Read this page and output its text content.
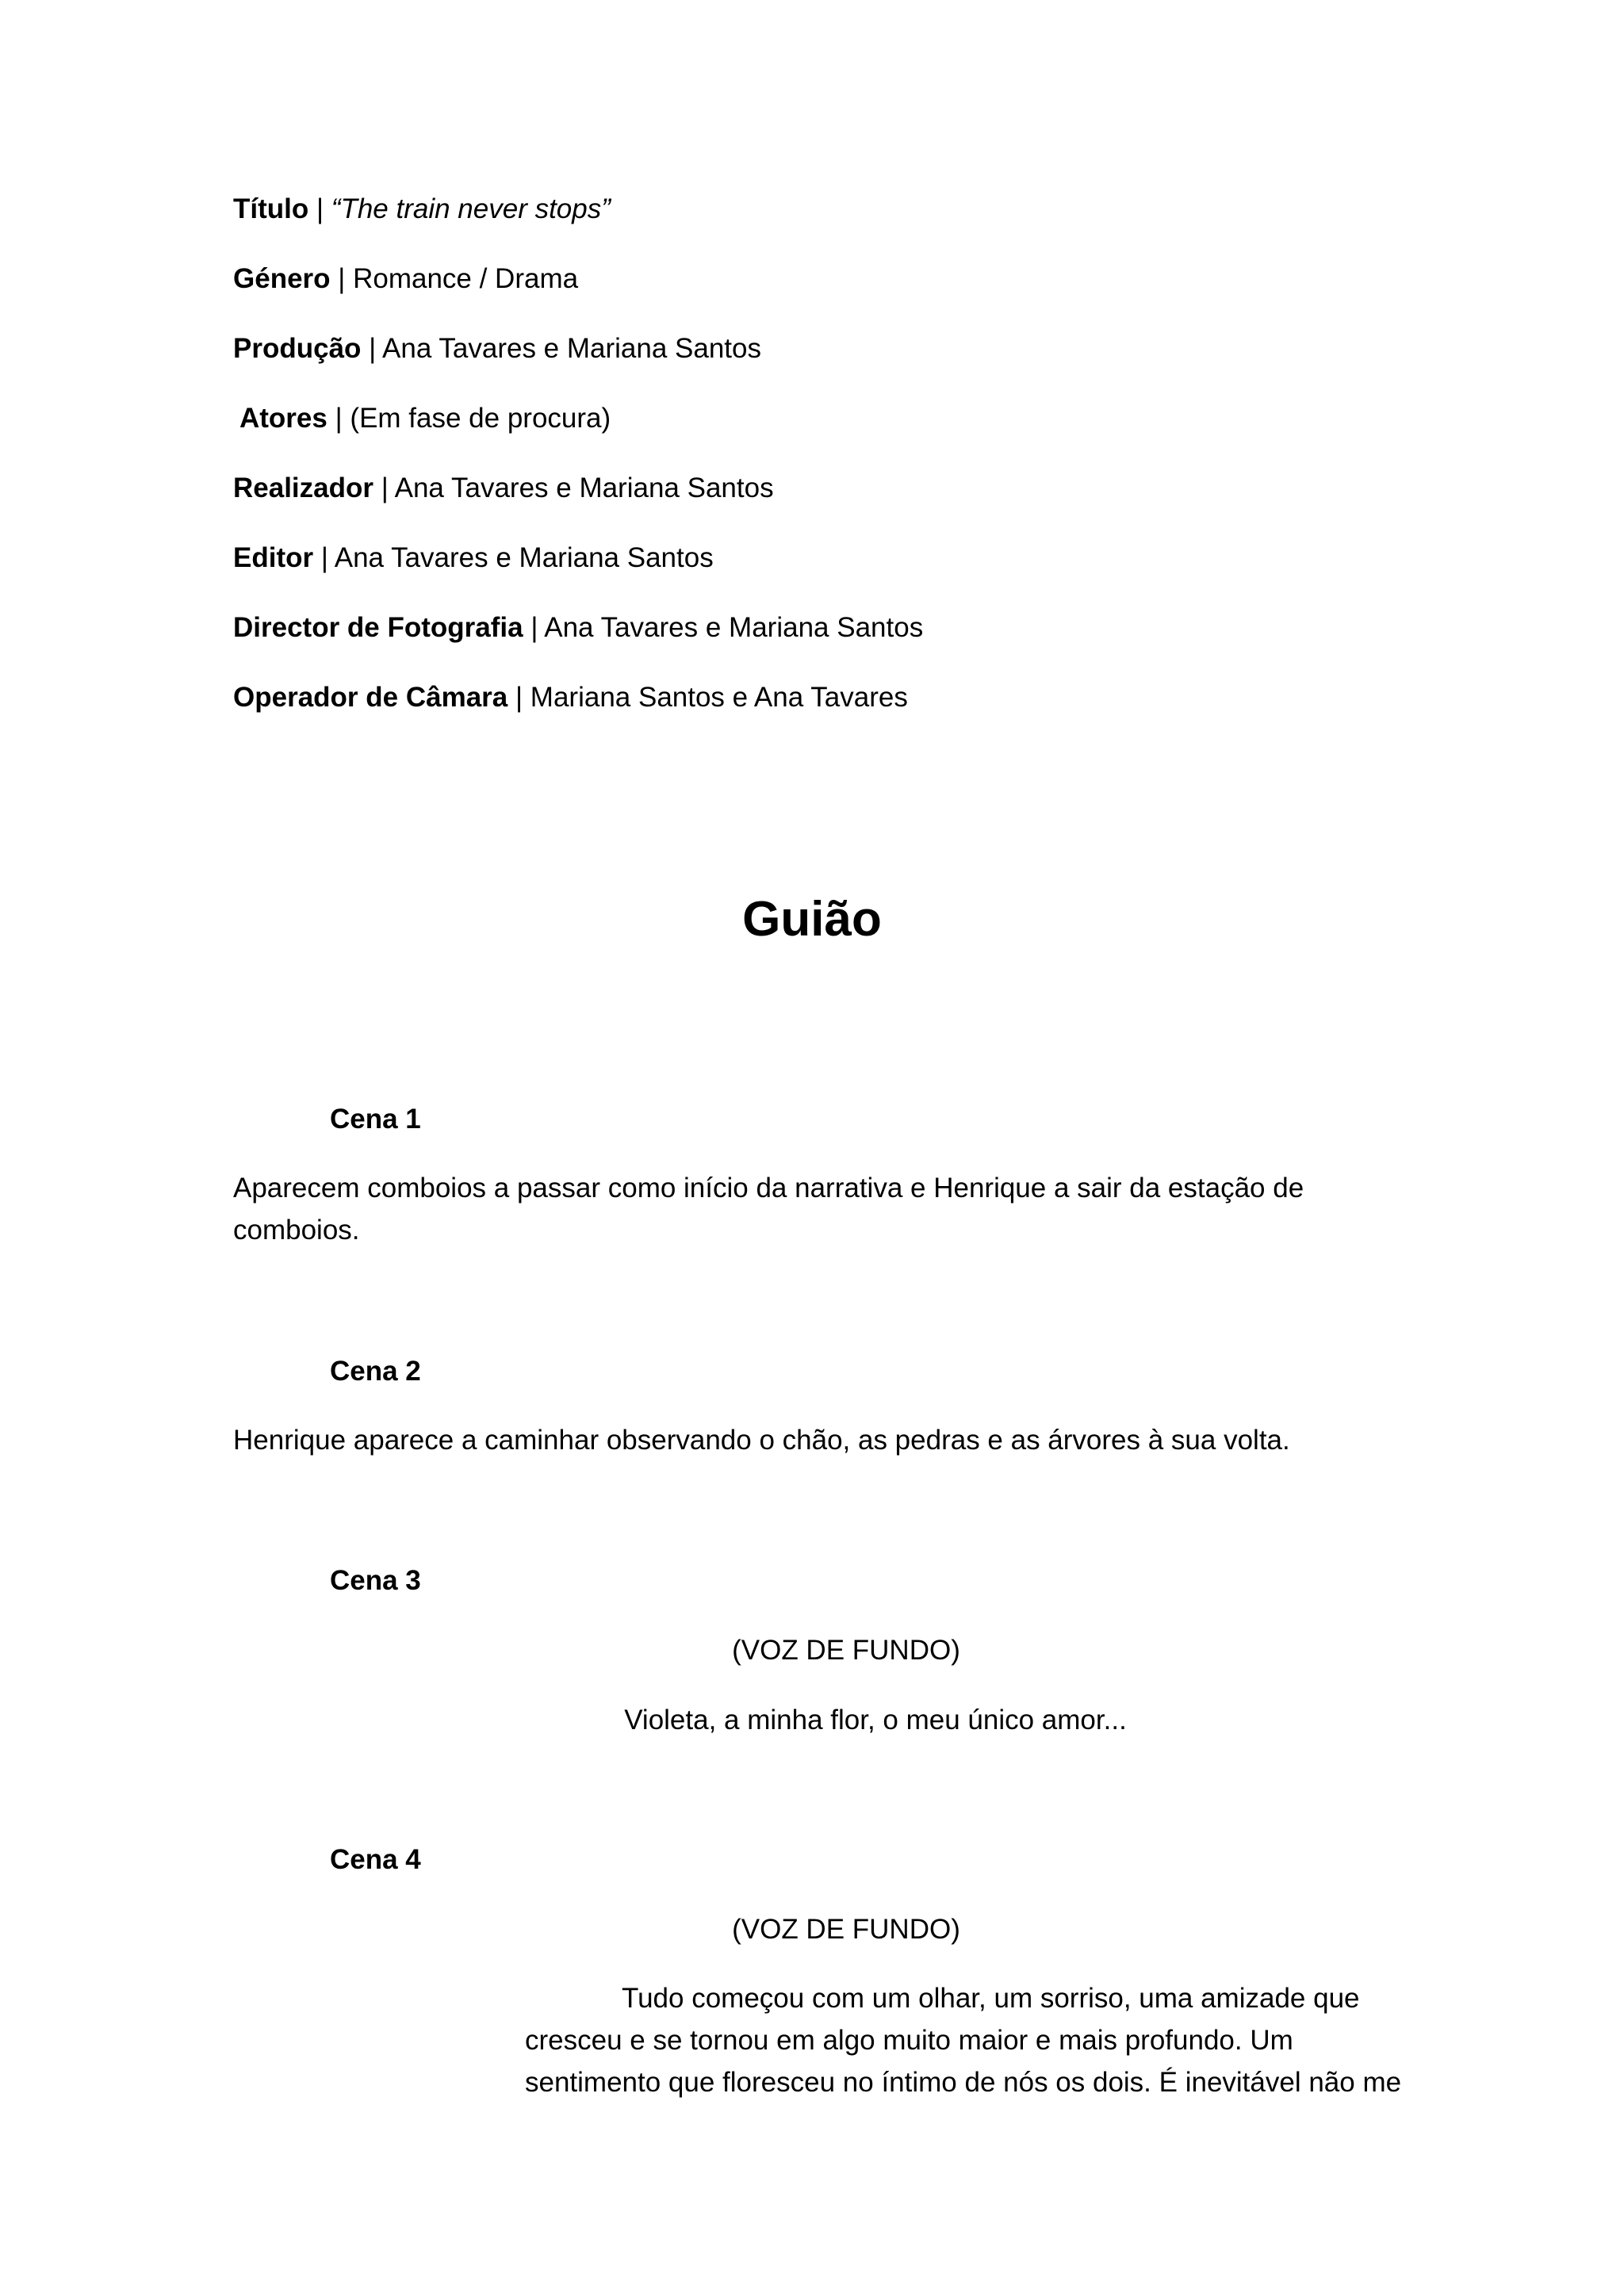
Título | “The train never stops”
Género | Romance / Drama
Produção | Ana Tavares e Mariana Santos
Atores | (Em fase de procura)
Realizador | Ana Tavares e Mariana Santos
Editor | Ana Tavares e Mariana Santos
Director de Fotografia | Ana Tavares e Mariana Santos
Operador de Câmara | Mariana Santos e Ana Tavares
Guião
Cena 1
Aparecem comboios a passar como início da narrativa e Henrique a sair da estação de comboios.
Cena 2
Henrique aparece a caminhar observando o chão, as pedras e as árvores à sua volta.
Cena 3
(VOZ DE FUNDO)
Violeta, a minha flor, o meu único amor...
Cena 4
(VOZ DE FUNDO)
Tudo começou com um olhar, um sorriso, uma amizade que cresceu e se tornou em algo muito maior e mais profundo. Um sentimento que floresceu no íntimo de nós os dois. É inevitável não me
